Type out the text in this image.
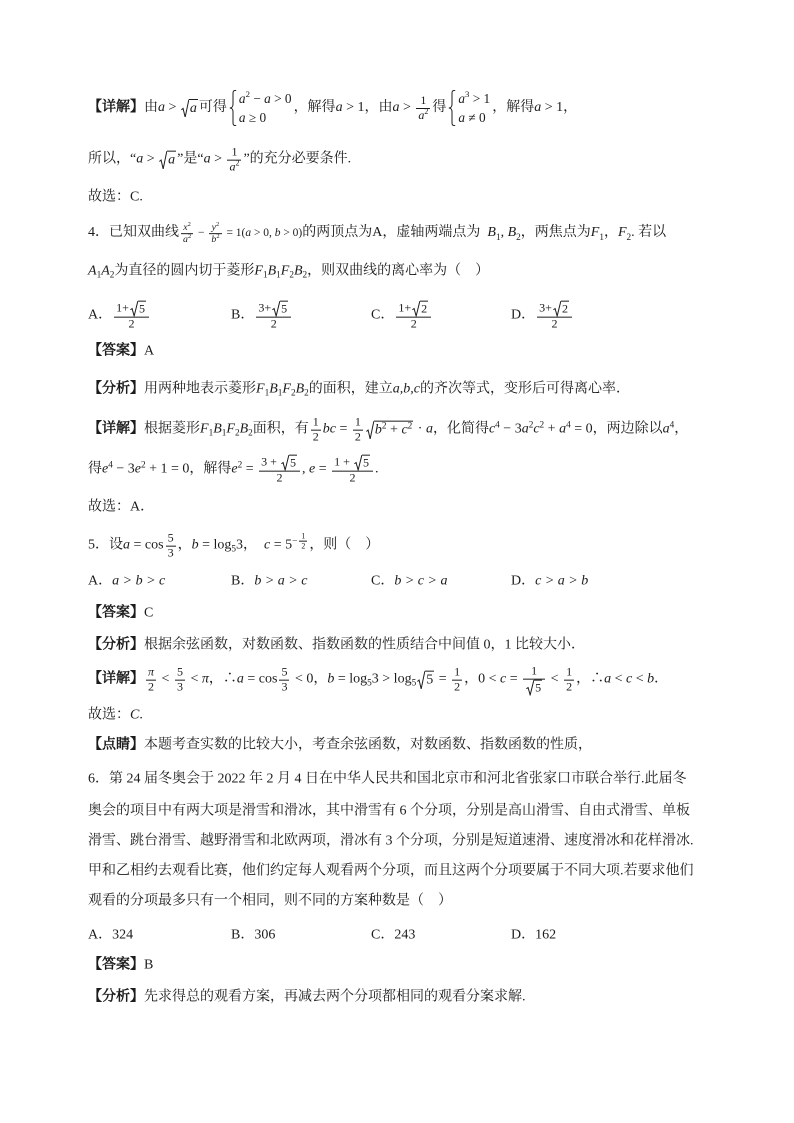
【详解】 由 a > a 可得
a 2 − a > 0
a ≥ 0
，解得 a > 1，由 $a > \frac{1}{a 2}$ 得
a 3 > 1
a ≠ 0
，解得 a > 1，
所以，“ a > a ”是“ $a > \frac{1}{a 2}$ ”的充分必要条件.
故选：C.
4．已知双曲线 $\frac{x 2}{a 2} - \frac{y 2}{b 2} = 1$( a > 0, b > 0) 的两顶点为A，虚轴两端点为 B 1 , B 2 ，两焦点为 F 1 ， F 2 . 若以
A 1 A 2 为直径的圆内切于菱形 F 1 B 1 F 2 B 2 ，则双曲线的离心率为（    ）
A． $\frac{1+ 5}{2}$	B． $\frac{3+ 5}{2}$	C． $\frac{1+ 2}{2}$	D． $\frac{3+ 2}{2}$
【答案】 A
【分析】 用两种地表示菱形 F 1 B 1 F 2 B 2 的面积，建立 a,b,c 的齐次等式，变形后可得离心率．
【详解】 根据菱形 F 1 B 1 F 2 B 2 面积，有 $\frac{1}{2}$ bc = $\frac{1}{2}$ b 2 + c 2 · a ，化简得 c 4 − 3 a 2 c 2 + a 4 = 0，两边除以 a 4 ，
得 e 4 − 3 e 2 + 1 = 0，解得 e $2 = \frac{3 + 5}{2}$ , $e = \frac{1 + 5}{2}$ .
故选：A．
5．设 $a = \cos \frac{5}{3}$ ， b = log 5 3， $c = 5 - \frac{1}{2}$ ，则（    ）
A． a > b > c	B． b > a > c	C． b > c > a	D． c > a > b
【答案】 C
【分析】 根据余弦函数，对数函数、指数函数的性质结合中间值 0，1 比较大小．
【详解】 $\frac{\pi}{2} < \frac{5}{3} < \pi$ ，∴ $a = \cos \frac{5}{3} < 0$， b = log 5 3 > log 5 $5 = \frac{1}{2}$ ，$0 < c = \frac{1}{5} < \frac{1}{2}$ ，∴ a < c < b ．
故选： C .
【点睛】 本题考查实数的比较大小，考查余弦函数，对数函数、指数函数的性质，
6．第 24 届冬奥会于 2022 年 2 月 4 日在中华人民共和国北京市和河北省张家口市联合举行.此届冬
奥会的项目中有两大项是滑雪和滑冰，其中滑雪有 6 个分项，分别是高山滑雪、自由式滑雪、单板
滑雪、跳台滑雪、越野滑雪和北欧两项，滑冰有 3 个分项，分别是短道速滑、速度滑冰和花样滑冰.
甲和乙相约去观看比赛，他们约定每人观看两个分项，而且这两个分项要属于不同大项.若要求他们
观看的分项最多只有一个相同，则不同的方案种数是（    ）
A． 324	B． 306	C． 243	D． 162
【答案】 B
【分析】 先求得总的观看方案，再减去两个分项都相同的观看分案求解.
